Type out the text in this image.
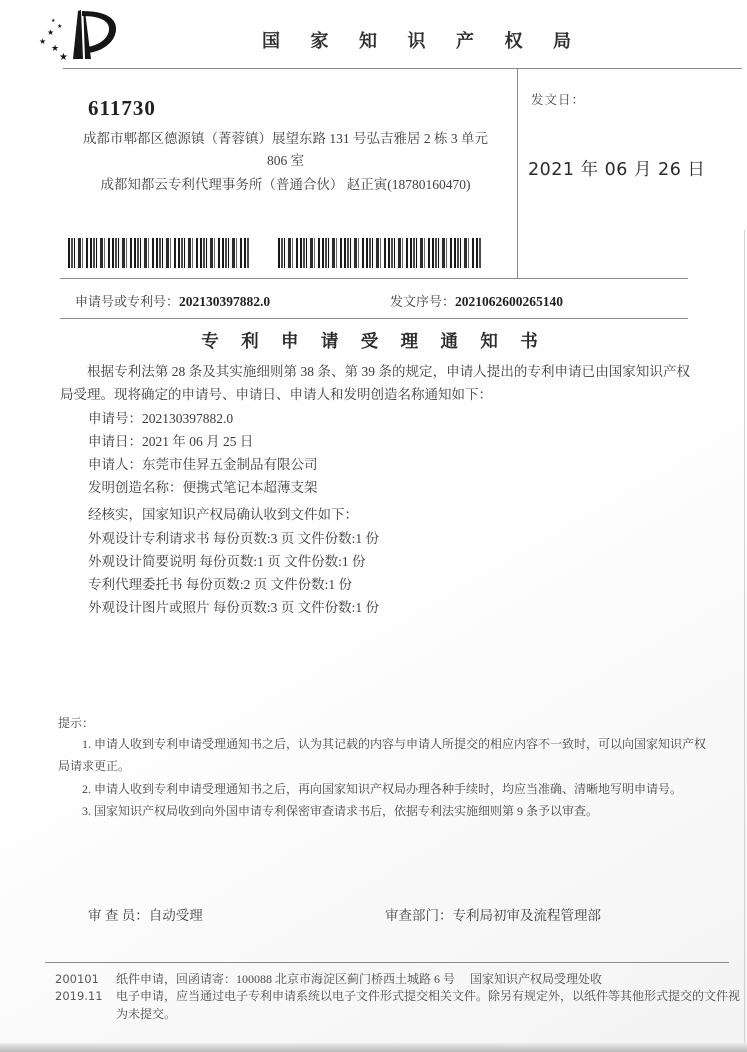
★
★
★
★
★
★
国 家 知 识 产 权 局
发文日：
2021 年 06 月 26 日
611730
成都市郫都区德源镇（菁蓉镇）展望东路 131 号弘吉雅居 2 栋 3 单元
806 室
成都知都云专利代理事务所（普通合伙） 赵正寅(18780160470)
申请号或专利号：202130397882.0	发文序号：2021062600265140
专 利 申 请 受 理 通 知 书
根据专利法第 28 条及其实施细则第 38 条、第 39 条的规定，申请人提出的专利申请已由国家知识产权局受理。现将确定的申请号、申请日、申请人和发明创造名称通知如下：
申请号：202130397882.0
申请日：2021 年 06 月 25 日
申请人：东莞市佳昇五金制品有限公司
发明创造名称：便携式笔记本超薄支架
经核实，国家知识产权局确认收到文件如下：
外观设计专利请求书 每份页数:3 页 文件份数:1 份
外观设计简要说明 每份页数:1 页 文件份数:1 份
专利代理委托书 每份页数:2 页 文件份数:1 份
外观设计图片或照片 每份页数:3 页 文件份数:1 份
提示：
1. 申请人收到专利申请受理通知书之后，认为其记载的内容与申请人所提交的相应内容不一致时，可以向国家知识产权局请求更正。
2. 申请人收到专利申请受理通知书之后，再向国家知识产权局办理各种手续时，均应当准确、清晰地写明申请号。
3. 国家知识产权局收到向外国申请专利保密审查请求书后，依据专利法实施细则第 9 条予以审查。
审 查 员：自动受理	审查部门：专利局初审及流程管理部
200101
2019.11
纸件申请，回函请寄：100088 北京市海淀区蓟门桥西土城路 6 号　 国家知识产权局受理处收
电子申请，应当通过电子专利申请系统以电子文件形式提交相关文件。除另有规定外，以纸件等其他形式提交的文件视为未提交。
